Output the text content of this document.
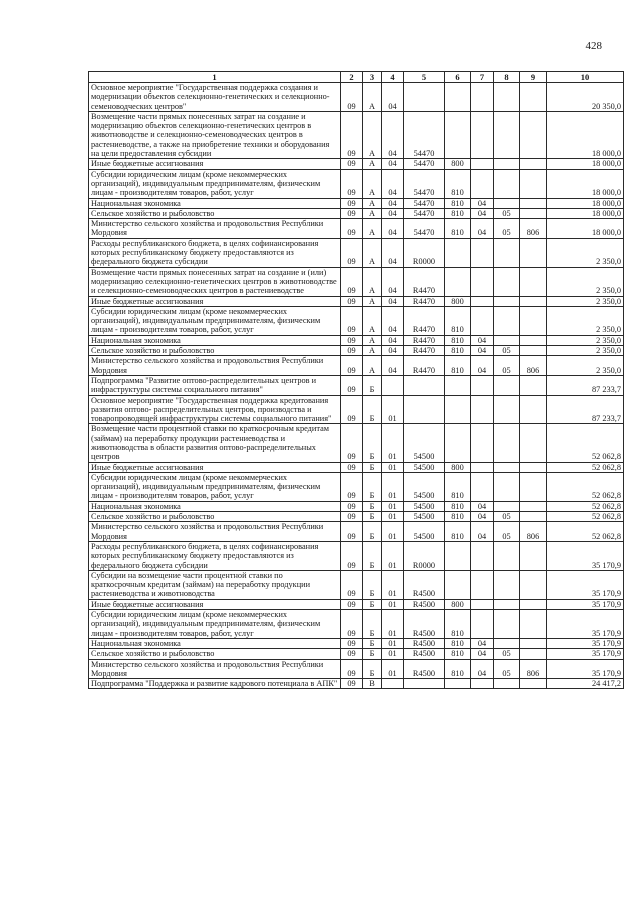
428
1	2	3	4	5	6	7	8	9	10
Основное мероприятие "Государственная поддержка создания и модернизации объектов селекционно-генетических и селекционно-семеноводческих центров"	09	А	04						20 350,0
Возмещение части прямых понесенных затрат на создание и модернизацию объектов селекционно-генетических центров в животноводстве и селекционно-семеноводческих центров в растениеводстве, а также на приобретение техники и оборудования на цели предоставления субсидии	09	А	04	54470					18 000,0
Иные бюджетные ассигнования	09	А	04	54470	800				18 000,0
Субсидии юридическим лицам (кроме некоммерческих организаций), индивидуальным предпринимателям, физическим лицам - производителям товаров, работ, услуг	09	А	04	54470	810				18 000,0
Национальная экономика	09	А	04	54470	810	04			18 000,0
Сельское хозяйство и рыболовство	09	А	04	54470	810	04	05		18 000,0
Министерство сельского хозяйства и продовольствия Республики Мордовия	09	А	04	54470	810	04	05	806	18 000,0
Расходы республиканского бюджета, в целях софинансирования которых республиканскому бюджету предоставляются из федерального бюджета субсидии	09	А	04	R0000					2 350,0
Возмещение части прямых понесенных затрат на создание и (или) модернизацию селекционно-генетических центров в животноводстве и селекционно-семеноводческих центров в растениеводстве	09	А	04	R4470					2 350,0
Иные бюджетные ассигнования	09	А	04	R4470	800				2 350,0
Субсидии юридическим лицам (кроме некоммерческих организаций), индивидуальным предпринимателям, физическим лицам - производителям товаров, работ, услуг	09	А	04	R4470	810				2 350,0
Национальная экономика	09	А	04	R4470	810	04			2 350,0
Сельское хозяйство и рыболовство	09	А	04	R4470	810	04	05		2 350,0
Министерство сельского хозяйства и продовольствия Республики Мордовия	09	А	04	R4470	810	04	05	806	2 350,0
Подпрограмма "Развитие оптово-распределительных центров и инфраструктуры системы социального питания"	09	Б							87 233,7
Основное мероприятие "Государственная поддержка кредитования развития оптово- распределительных центров, производства и товаропроводящей инфраструктуры системы социального питания"	09	Б	01						87 233,7
Возмещение части процентной ставки по краткосрочным кредитам (займам) на переработку продукции растениеводства и животноводства в области развития оптово-распределительных центров	09	Б	01	54500					52 062,8
Иные бюджетные ассигнования	09	Б	01	54500	800				52 062,8
Субсидии юридическим лицам (кроме некоммерческих организаций), индивидуальным предпринимателям, физическим лицам - производителям товаров, работ, услуг	09	Б	01	54500	810				52 062,8
Национальная экономика	09	Б	01	54500	810	04			52 062,8
Сельское хозяйство и рыболовство	09	Б	01	54500	810	04	05		52 062,8
Министерство сельского хозяйства и продовольствия Республики Мордовия	09	Б	01	54500	810	04	05	806	52 062,8
Расходы республиканского бюджета, в целях софинансирования которых республиканскому бюджету предоставляются из федерального бюджета субсидии	09	Б	01	R0000					35 170,9
Субсидии на возмещение части процентной ставки по краткосрочным кредитам (займам) на переработку продукции растениеводства и животноводства	09	Б	01	R4500					35 170,9
Иные бюджетные ассигнования	09	Б	01	R4500	800				35 170,9
Субсидии юридическим лицам (кроме некоммерческих организаций), индивидуальным предпринимателям, физическим лицам - производителям товаров, работ, услуг	09	Б	01	R4500	810				35 170,9
Национальная экономика	09	Б	01	R4500	810	04			35 170,9
Сельское хозяйство и рыболовство	09	Б	01	R4500	810	04	05		35 170,9
Министерство сельского хозяйства и продовольствия Республики Мордовия	09	Б	01	R4500	810	04	05	806	35 170,9
Подпрограмма "Поддержка и развитие кадрового потенциала в АПК"	09	В							24 417,2
